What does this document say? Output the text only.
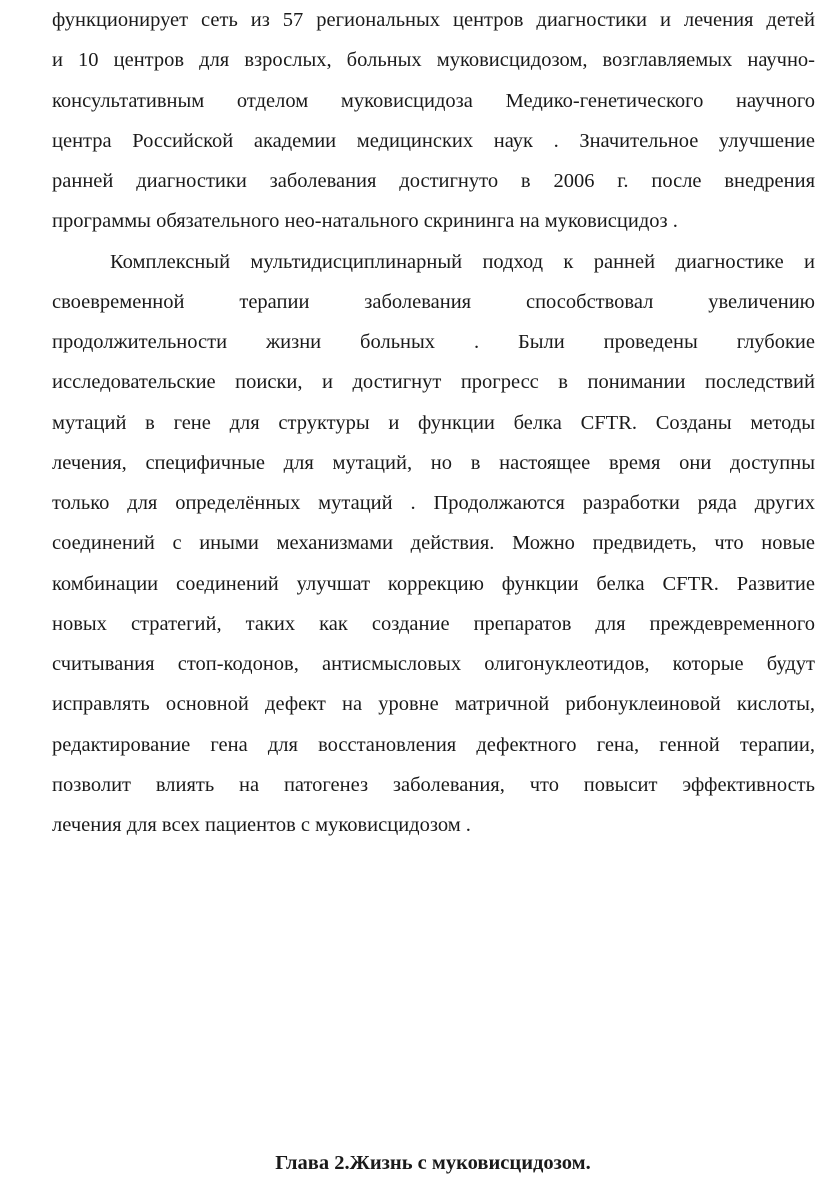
функционирует сеть из 57 региональных центров диагностики и лечения детей
и 10 центров для взрослых, больных муковисцидозом, возглавляемых научно-
консультативным отделом муковисцидоза Медико-генетического научного
центра Российской академии медицинских наук . Значительное улучшение
ранней диагностики заболевания достигнуто в 2006 г. после внедрения
программы обязательного нео-натального скрининга на муковисцидоз .
Комплексный мультидисциплинарный подход к ранней диагностике и
своевременной терапии заболевания способствовал увеличению
продолжительности жизни больных . Были проведены глубокие
исследовательские поиски, и достигнут прогресс в понимании последствий
мутаций в гене для структуры и функции белка CFTR. Созданы методы
лечения, специфичные для мутаций, но в настоящее время они доступны
только для определённых мутаций . Продолжаются разработки ряда других
соединений с иными механизмами действия. Можно предвидеть, что новые
комбинации соединений улучшат коррекцию функции белка CFTR. Развитие
новых стратегий, таких как создание препаратов для преждевременного
считывания стоп-кодонов, антисмысловых олигонуклеотидов, которые будут
исправлять основной дефект на уровне матричной рибонуклеиновой кислоты,
редактирование гена для восстановления дефектного гена, генной терапии,
позволит влиять на патогенез заболевания, что повысит эффективность
лечения для всех пациентов с муковисцидозом .
Глава 2.Жизнь с муковисцидозом.
